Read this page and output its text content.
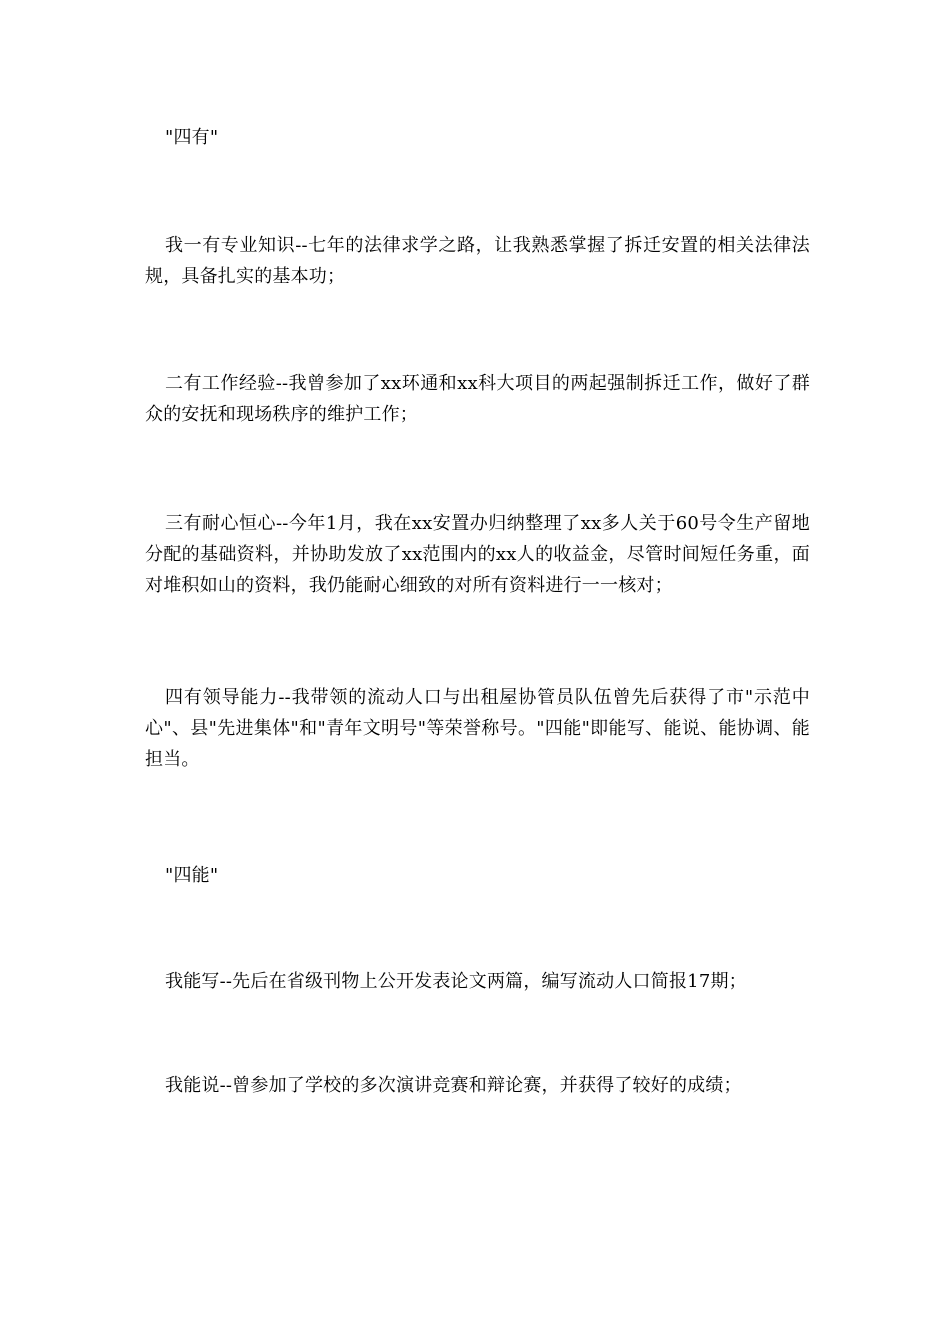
"四有"

我一有专业知识--七年的法律求学之路，让我熟悉掌握了拆迁安置的相关法律法规，具备扎实的基本功；

二有工作经验--我曾参加了xx环通和xx科大项目的两起强制拆迁工作，做好了群众的安抚和现场秩序的维护工作；

三有耐心恒心--今年1月，我在xx安置办归纳整理了xx多人关于60号令生产留地分配的基础资料，并协助发放了xx范围内的xx人的收益金，尽管时间短任务重，面对堆积如山的资料，我仍能耐心细致的对所有资料进行一一核对；

四有领导能力--我带领的流动人口与出租屋协管员队伍曾先后获得了市"示范中心"、县"先进集体"和"青年文明号"等荣誉称号。"四能"即能写、能说、能协调、能担当。

"四能"

我能写--先后在省级刊物上公开发表论文两篇，编写流动人口简报17期；

我能说--曾参加了学校的多次演讲竞赛和辩论赛，并获得了较好的成绩；
